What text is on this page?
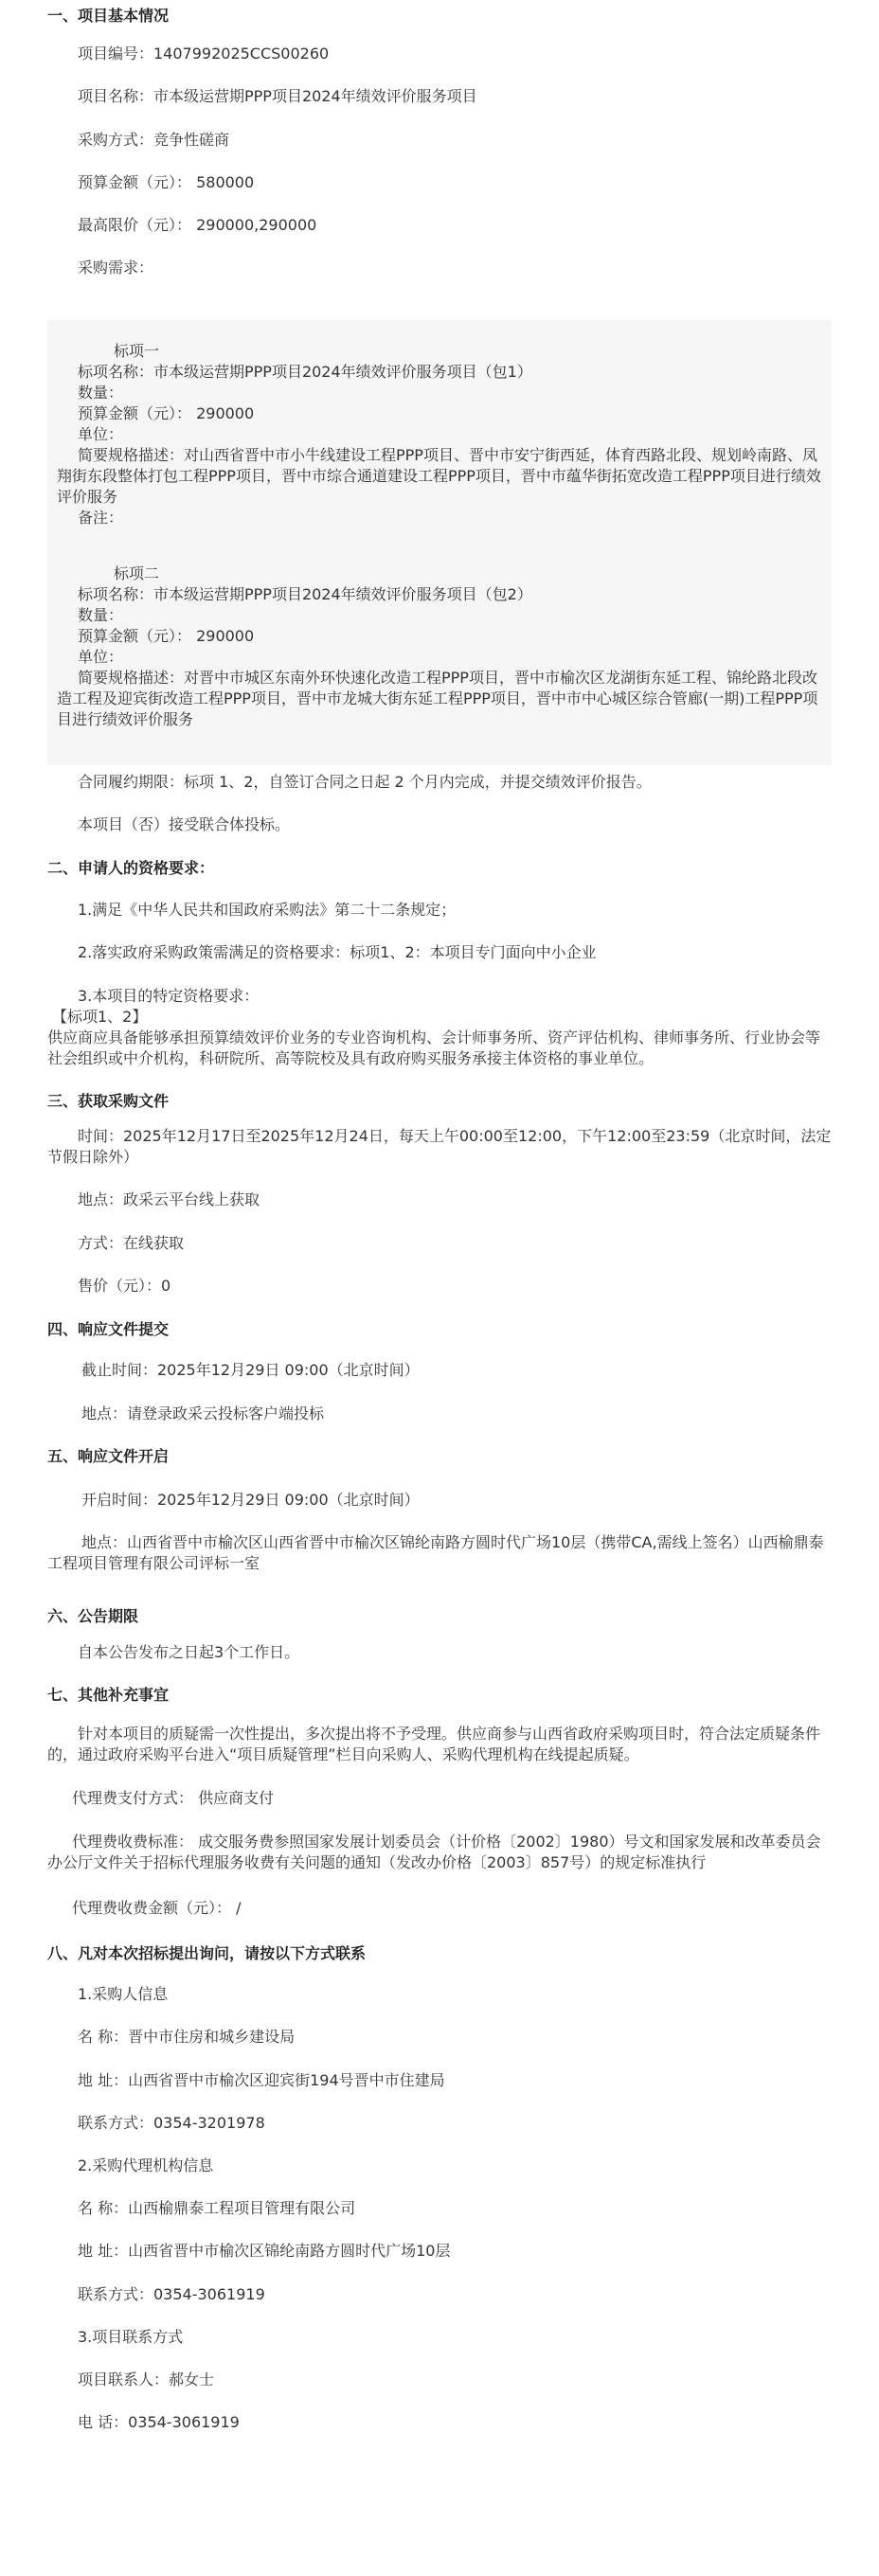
一、项目基本情况
项目编号：1407992025CCS00260
项目名称：市本级运营期PPP项目2024年绩效评价服务项目
采购方式：竞争性磋商
预算金额（元）： 580000
最高限价（元）： 290000,290000
采购需求：
标项一
标项名称：市本级运营期PPP项目2024年绩效评价服务项目（包1）
数量：
预算金额（元）： 290000
单位：
简要规格描述：对山西省晋中市小牛线建设工程PPP项目、晋中市安宁街西延，体育西路北段、规划岭南路、凤翔街东段整体打包工程PPP项目，晋中市综合通道建设工程PPP项目，晋中市蕴华街拓宽改造工程PPP项目进行绩效评价服务
备注：
标项二
标项名称：市本级运营期PPP项目2024年绩效评价服务项目（包2）
数量：
预算金额（元）： 290000
单位：
简要规格描述：对晋中市城区东南外环快速化改造工程PPP项目，晋中市榆次区龙湖街东延工程、锦纶路北段改造工程及迎宾街改造工程PPP项目，晋中市龙城大街东延工程PPP项目，晋中市中心城区综合管廊(一期)工程PPP项目进行绩效评价服务
合同履约期限：标项 1、2，自签订合同之日起 2 个月内完成，并提交绩效评价报告。
本项目（否）接受联合体投标。
二、申请人的资格要求：
1.满足《中华人民共和国政府采购法》第二十二条规定；
2.落实政府采购政策需满足的资格要求：标项1、2：本项目专门面向中小企业
3.本项目的特定资格要求：
【标项1、2】
供应商应具备能够承担预算绩效评价业务的专业咨询机构、会计师事务所、资产评估机构、律师事务所、行业协会等社会组织或中介机构，科研院所、高等院校及具有政府购买服务承接主体资格的事业单位。
三、获取采购文件
时间：2025年12月17日至2025年12月24日，每天上午00:00至12:00，下午12:00至23:59（北京时间，法定节假日除外）
地点：政采云平台线上获取
方式：在线获取
售价（元）：0
四、响应文件提交
截止时间：2025年12月29日 09:00（北京时间）
地点：请登录政采云投标客户端投标
五、响应文件开启
开启时间：2025年12月29日 09:00（北京时间）
地点：山西省晋中市榆次区山西省晋中市榆次区锦纶南路方圆时代广场10层（携带CA,需线上签名）山西榆鼎泰工程项目管理有限公司评标一室
六、公告期限
自本公告发布之日起3个工作日。
七、其他补充事宜
针对本项目的质疑需一次性提出，多次提出将不予受理。供应商参与山西省政府采购项目时，符合法定质疑条件的，通过政府采购平台进入“项目质疑管理”栏目向采购人、采购代理机构在线提起质疑。
代理费支付方式： 供应商支付
代理费收费标准： 成交服务费参照国家发展计划委员会（计价格〔2002〕1980）号文和国家发展和改革委员会办公厅文件关于招标代理服务收费有关问题的通知（发改办价格〔2003〕857号）的规定标准执行
代理费收费金额（元）： /
八、凡对本次招标提出询问，请按以下方式联系
1.采购人信息
名 称：晋中市住房和城乡建设局
地 址：山西省晋中市榆次区迎宾街194号晋中市住建局
联系方式：0354-3201978
2.采购代理机构信息
名 称：山西榆鼎泰工程项目管理有限公司
地 址：山西省晋中市榆次区锦纶南路方圆时代广场10层
联系方式：0354-3061919
3.项目联系方式
项目联系人：郝女士
电 话：0354-3061919
